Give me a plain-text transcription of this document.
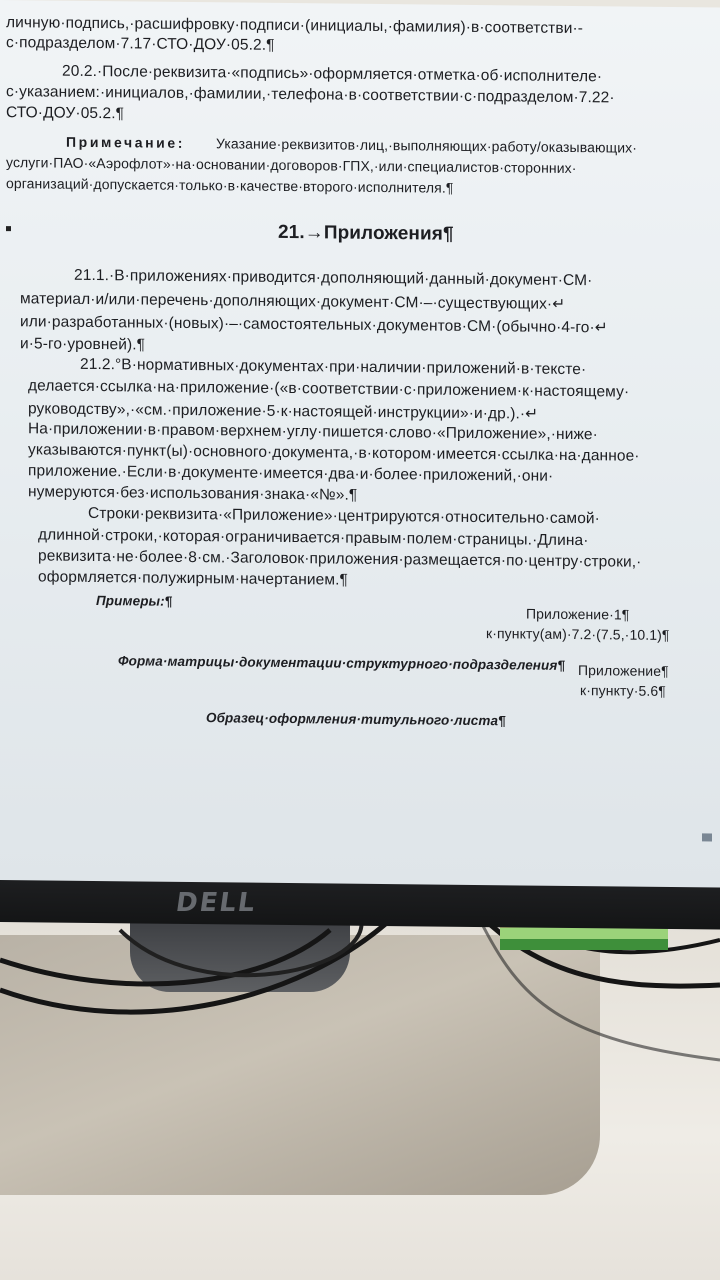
DELL
личную·подпись,·расшифровку·подписи·(инициалы,·фамилия)·в·соответстви·-
с·подразделом·7.17·СТО·ДОУ·05.2.¶
20.2.·После·реквизита·«подпись»·оформляется·отметка·об·исполнителе·
с·указанием:·инициалов,·фамилии,·телефона·в·соответствии·с·подразделом·7.22·
СТО·ДОУ·05.2.¶
Примечание: Указание·реквизитов·лиц,·выполняющих·работу/оказывающих·
услуги·ПАО·«Аэрофлот»·на·основании·договоров·ГПХ,·или·специалистов·сторонних·
организаций·допускается·только·в·качестве·второго·исполнителя.¶
21.→Приложения¶
21.1.·В·приложениях·приводится·дополняющий·данный·документ·СМ·
материал·и/или·перечень·дополняющих·документ·СМ·–·существующих·↵
или·разработанных·(новых)·–·самостоятельных·документов·СМ·(обычно·4-го·↵
и·5-го·уровней).¶
21.2.°В·нормативных·документах·при·наличии·приложений·в·тексте·
делается·ссылка·на·приложение·(«в·соответствии·с·приложением·к·настоящему·
руководству»,·«см.·приложение·5·к·настоящей·инструкции»·и·др.).·↵
На·приложении·в·правом·верхнем·углу·пишется·слово·«Приложение»,·ниже·
указываются·пункт(ы)·основного·документа,·в·котором·имеется·ссылка·на·данное·
приложение.·Если·в·документе·имеется·два·и·более·приложений,·они·
нумеруются·без·использования·знака·«№».¶
Строки·реквизита·«Приложение»·центрируются·относительно·самой·
длинной·строки,·которая·ограничивается·правым·полем·страницы.·Длина·
реквизита·не·более·8·см.·Заголовок·приложения·размещается·по·центру·строки,·
оформляется·полужирным·начертанием.¶
Примеры:¶
Приложение·1¶
к·пункту(ам)·7.2·(7.5,·10.1)¶
Форма·матрицы·документации·структурного·подразделения¶ Приложение¶
к·пункту·5.6¶
Образец·оформления·титульного·листа¶
